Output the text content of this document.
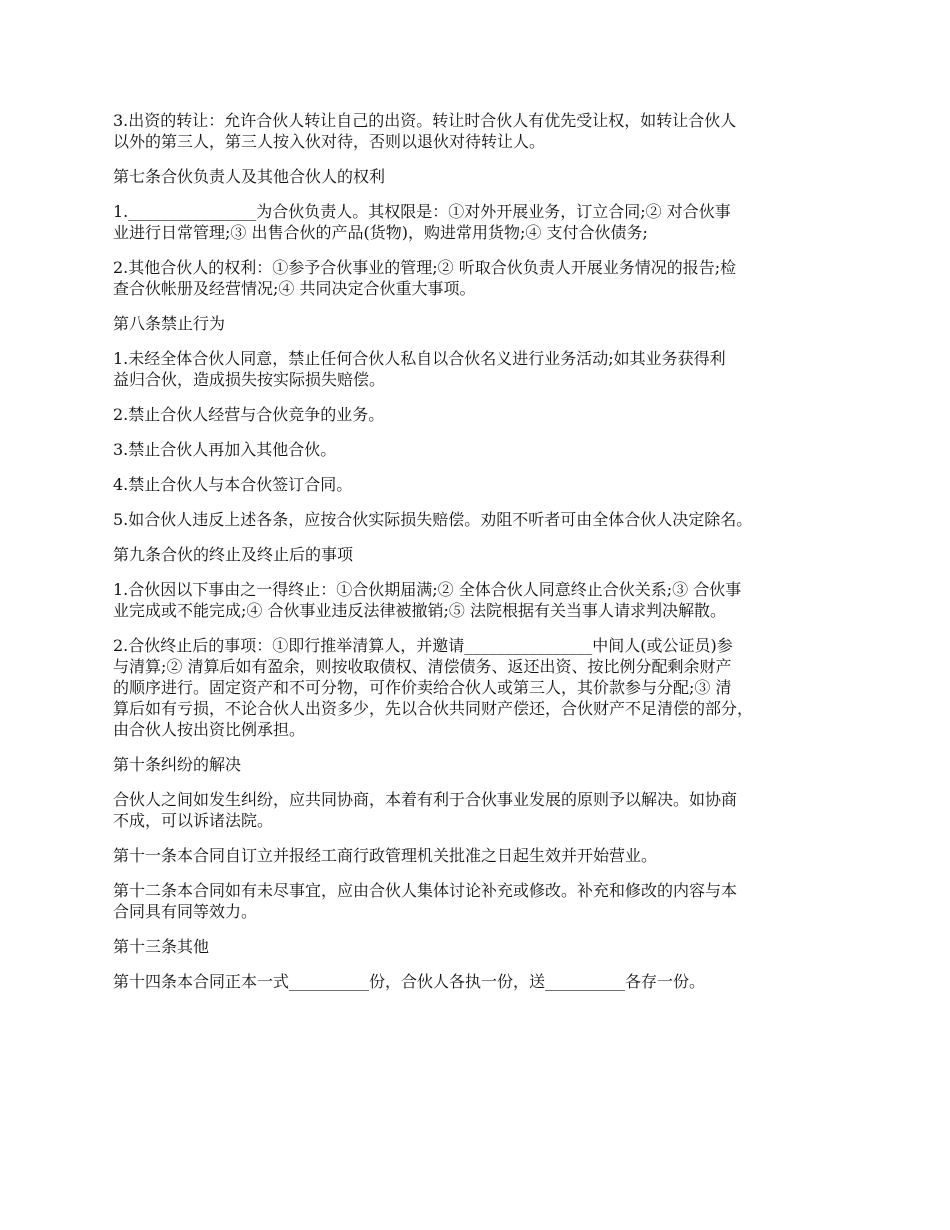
3.出资的转让：允许合伙人转让自己的出资。转让时合伙人有优先受让权，如转让合伙人
以外的第三人，第三人按入伙对待，否则以退伙对待转让人。

第七条合伙负责人及其他合伙人的权利

1.________________为合伙负责人。其权限是：①对外开展业务，订立合同;② 对合伙事
业进行日常管理;③ 出售合伙的产品(货物)，购进常用货物;④ 支付合伙债务;

2.其他合伙人的权利：①参予合伙事业的管理;② 听取合伙负责人开展业务情况的报告;检
查合伙帐册及经营情况;④ 共同决定合伙重大事项。

第八条禁止行为

1.未经全体合伙人同意，禁止任何合伙人私自以合伙名义进行业务活动;如其业务获得利
益归合伙，造成损失按实际损失赔偿。

2.禁止合伙人经营与合伙竞争的业务。

3.禁止合伙人再加入其他合伙。

4.禁止合伙人与本合伙签订合同。

5.如合伙人违反上述各条，应按合伙实际损失赔偿。劝阻不听者可由全体合伙人决定除名。

第九条合伙的终止及终止后的事项

1.合伙因以下事由之一得终止：①合伙期届满;② 全体合伙人同意终止合伙关系;③ 合伙事
业完成或不能完成;④ 合伙事业违反法律被撤销;⑤ 法院根据有关当事人请求判决解散。

2.合伙终止后的事项：①即行推举清算人，并邀请________________中间人(或公证员)参
与清算;② 清算后如有盈余，则按收取债权、清偿债务、返还出资、按比例分配剩余财产
的顺序进行。固定资产和不可分物，可作价卖给合伙人或第三人，其价款参与分配;③ 清
算后如有亏损，不论合伙人出资多少，先以合伙共同财产偿还，合伙财产不足清偿的部分，
由合伙人按出资比例承担。

第十条纠纷的解决

合伙人之间如发生纠纷，应共同协商，本着有利于合伙事业发展的原则予以解决。如协商
不成，可以诉诸法院。

第十一条本合同自订立并报经工商行政管理机关批准之日起生效并开始营业。

第十二条本合同如有未尽事宜，应由合伙人集体讨论补充或修改。补充和修改的内容与本
合同具有同等效力。

第十三条其他

第十四条本合同正本一式__________份，合伙人各执一份，送__________各存一份。
